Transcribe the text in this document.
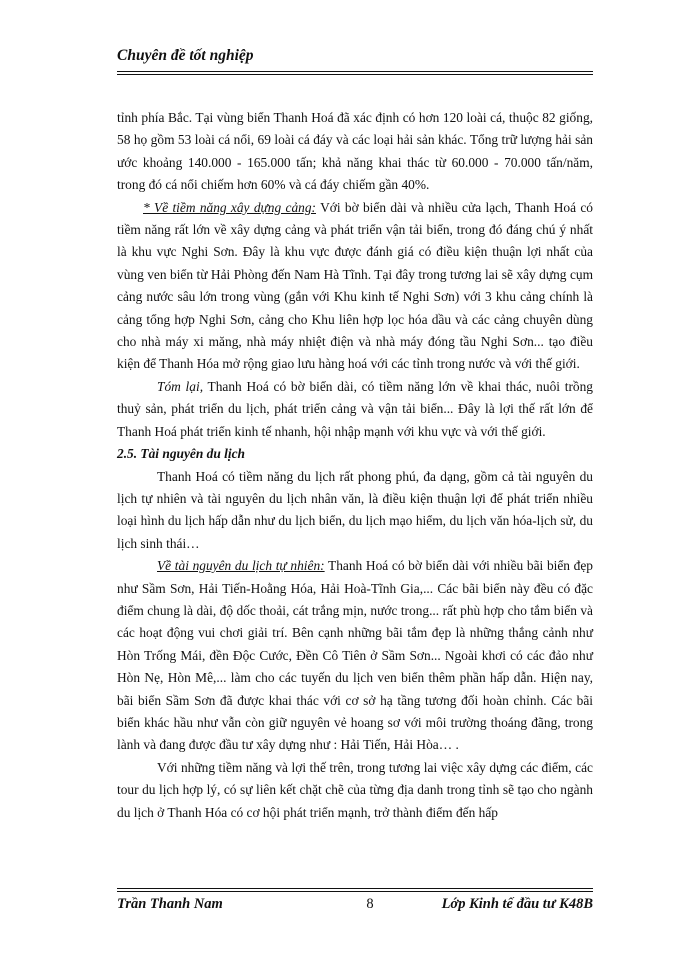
Chuyên đề tốt nghiệp

tỉnh phía Bắc. Tại vùng biển Thanh Hoá đã xác định có hơn 120 loài cá, thuộc 82 giống, 58 họ gồm 53 loài cá nổi, 69 loài cá đáy và các loại hải sản khác. Tổng trữ lượng hải sản ước khoảng 140.000 - 165.000 tấn; khả năng khai thác từ 60.000 - 70.000 tấn/năm, trong đó cá nổi chiếm hơn 60% và cá đáy chiếm gần 40%.

* Về tiềm năng xây dựng cảng: Với bờ biển dài và nhiều cửa lạch, Thanh Hoá có tiềm năng rất lớn về xây dựng cảng và phát triển vận tải biển, trong đó đáng chú ý nhất là khu vực Nghi Sơn. Đây là khu vực được đánh giá có điều kiện thuận lợi nhất của vùng ven biển từ Hải Phòng đến Nam Hà Tĩnh. Tại đây trong tương lai sẽ xây dựng cụm cảng nước sâu lớn trong vùng (gắn với Khu kinh tế Nghi Sơn) với 3 khu cảng chính là cảng tổng hợp Nghi Sơn, cảng cho Khu liên hợp lọc hóa dầu và các cảng chuyên dùng cho nhà máy xi măng, nhà máy nhiệt điện và nhà máy đóng tầu Nghi Sơn... tạo điều kiện để Thanh Hóa mở rộng giao lưu hàng hoá với các tỉnh trong nước và với thế giới.

Tóm lại, Thanh Hoá có bờ biển dài, có tiềm năng lớn về khai thác, nuôi trồng thuỷ sản, phát triển du lịch, phát triển cảng và vận tải biển... Đây là lợi thế rất lớn để Thanh Hoá phát triển kinh tế nhanh, hội nhập mạnh với khu vực và với thế giới.

2.5. Tài nguyên du lịch

Thanh Hoá có tiềm năng du lịch rất phong phú, đa dạng, gồm cả tài nguyên du lịch tự nhiên và tài nguyên du lịch nhân văn, là điều kiện thuận lợi để phát triển nhiều loại hình du lịch hấp dẫn như du lịch biển, du lịch mạo hiểm, du lịch văn hóa-lịch sử, du lịch sinh thái…

Về tài nguyên du lịch tự nhiên: Thanh Hoá có bờ biển dài với nhiều bãi biển đẹp như Sầm Sơn, Hải Tiến-Hoằng Hóa, Hải Hoà-Tĩnh Gia,... Các bãi biển này đều có đặc điểm chung là dài, độ dốc thoải, cát trắng mịn, nước trong... rất phù hợp cho tắm biển và các hoạt động vui chơi giải trí. Bên cạnh những bãi tắm đẹp là những thắng cảnh như Hòn Trống Mái, đền Độc Cước, Đền Cô Tiên ở Sầm Sơn... Ngoài khơi có các đảo như Hòn Nẹ, Hòn Mê,... làm cho các tuyến du lịch ven biển thêm phần hấp dẫn. Hiện nay, bãi biển Sầm Sơn đã được khai thác với cơ sở hạ tầng tương đối hoàn chỉnh. Các bãi biển khác hầu như vẫn còn giữ nguyên vẻ hoang sơ với môi trường thoáng đãng, trong lành và đang được đầu tư xây dựng như : Hải Tiến, Hải Hòa… .

Với những tiềm năng và lợi thế trên, trong tương lai việc xây dựng các điểm, các tour du lịch hợp lý, có sự liên kết chặt chẽ của từng địa danh trong tỉnh sẽ tạo cho ngành du lịch ở Thanh Hóa có cơ hội phát triển mạnh, trở thành điểm đến hấp

Trần Thanh Nam	8	Lớp Kinh tế đầu tư K48B
